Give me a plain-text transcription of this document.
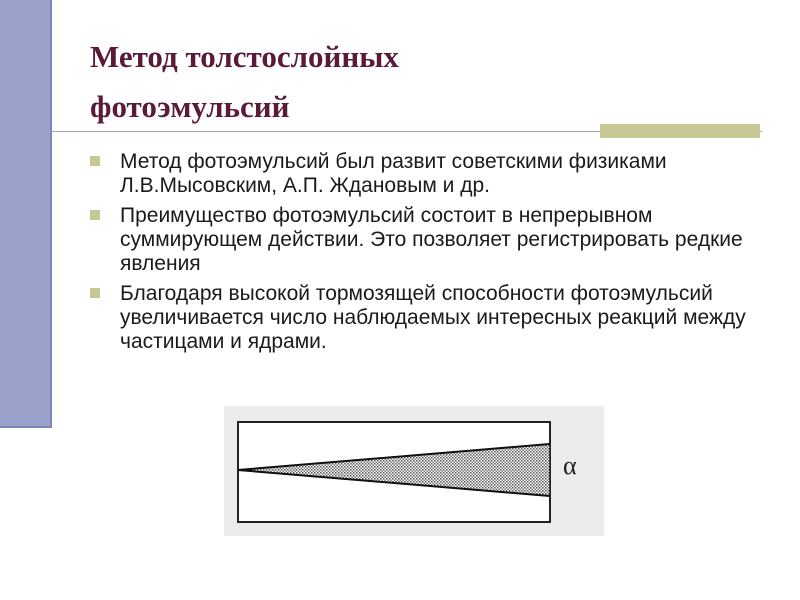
Метод толстослойных
фотоэмульсий
Метод фотоэмульсий был развит советскими физиками Л.В.Мысовским, А.П. Ждановым и др.
Преимущество фотоэмульсий состоит в непрерывном суммирующем действии. Это позволяет регистрировать редкие явления
Благодаря высокой тормозящей способности фотоэмульсий увеличивается число наблюдаемых интересных реакций между частицами и ядрами.
α
